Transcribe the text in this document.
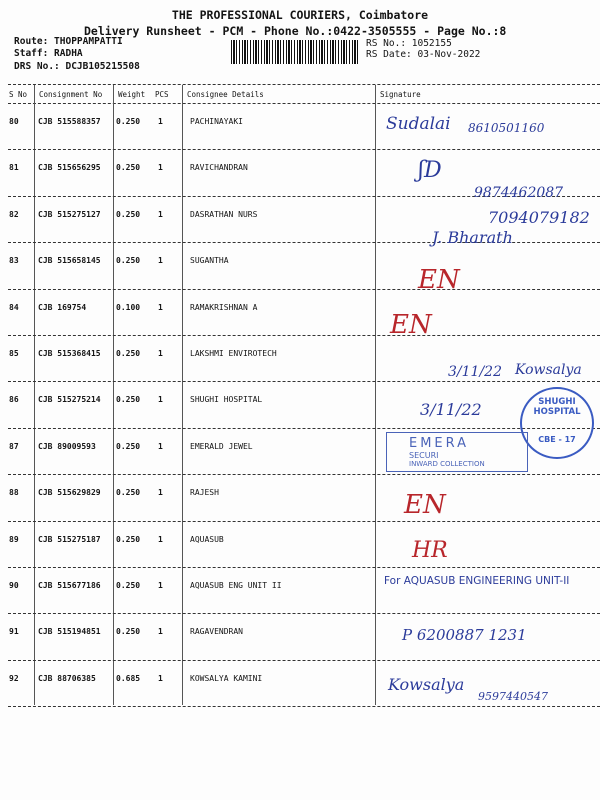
THE PROFESSIONAL COURIERS, Coimbatore
Delivery Runsheet - PCM - Phone No.:0422-3505555 - Page No.:8
Route: THOPPAMPATTI
Staff: RADHA
DRS No.: DCJB105215508
RS No.: 1052155
RS Date: 03-Nov-2022
S No Consignment No Weight PCS Consignee Details	Signature
80 CJB 515588357 0.250 1	PACHINAYAKI
81 CJB 515656295 0.250 1	RAVICHANDRAN
82 CJB 515275127 0.250 1	DASRATHAN NURS
83 CJB 515658145 0.250 1	SUGANTHA
84 CJB 169754	0.100 1	RAMAKRISHNAN A
85 CJB 515368415 0.250 1	LAKSHMI ENVIROTECH
86 CJB 515275214 0.250 1	SHUGHI HOSPITAL
87 CJB 89009593	0.250 1	EMERALD JEWEL
88 CJB 515629829 0.250 1	RAJESH
89 CJB 515275187 0.250 1	AQUASUB
90 CJB 515677186 0.250 1	AQUASUB ENG UNIT II
91 CJB 515194851 0.250 1	RAGAVENDRAN
92 CJB 88706385	0.685 1	KOWSALYA KAMINI
Sudalai 8610501160
ʃD
9874462087
7094079182
J. Bharath
EN
EN
3/11/22 Kowsalya
3/11/22
EN
HR
P 6200887 1231
Kowsalya
9597440547
SHUGHI HOSPITAL
CBE - 17
EMERA
SECURI
INWARD COLLECTION
For AQUASUB ENGINEERING UNIT-II
